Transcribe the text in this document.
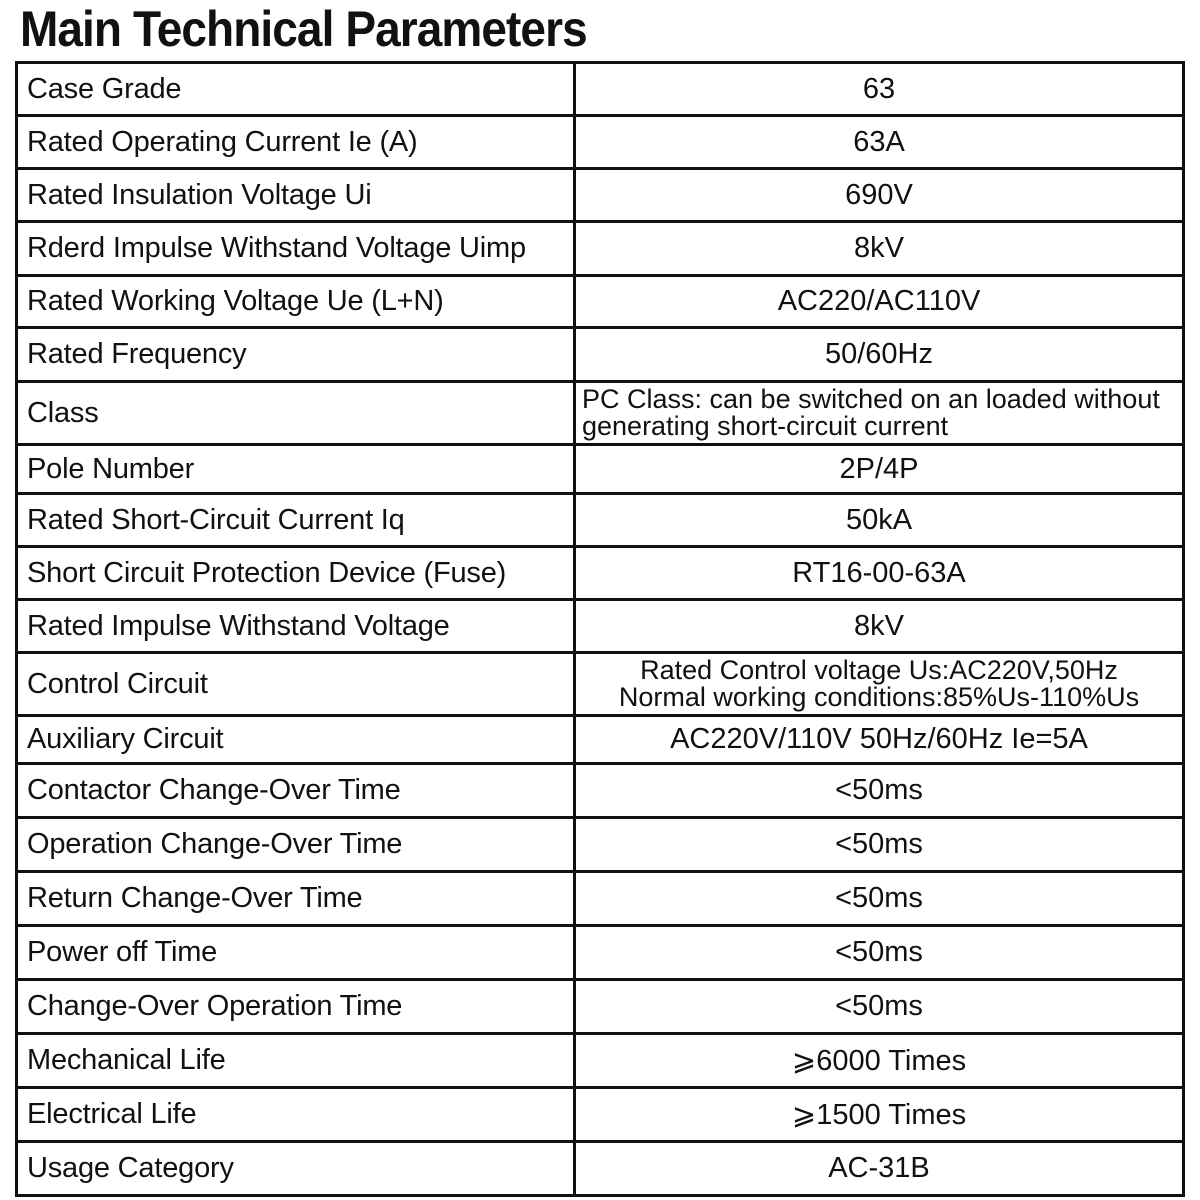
Main Technical Parameters
Case Grade	63
Rated Operating Current Ie (A)	63A
Rated Insulation Voltage Ui	690V
Rderd Impulse Withstand Voltage Uimp	8kV
Rated Working Voltage Ue (L+N)	AC220/AC110V
Rated Frequency	50/60Hz
Class	PC Class: can be switched on an loaded without
generating short-circuit current

Pole Number	2P/4P
Rated Short-Circuit Current Iq	50kA
Short Circuit Protection Device (Fuse)	RT16-00-63A
Rated Impulse Withstand Voltage	8kV
Control Circuit	Rated Control voltage Us:AC220V,50Hz
Normal working conditions:85%Us-110%Us

Auxiliary Circuit	AC220V/110V 50Hz/60Hz Ie=5A
Contactor Change-Over Time	<50ms
Operation Change-Over Time	<50ms
Return Change-Over Time	<50ms
Power off Time	<50ms
Change-Over Operation Time	<50ms
Mechanical Life	⩾6000 Times
Electrical Life	⩾1500 Times
Usage Category	AC-31B
